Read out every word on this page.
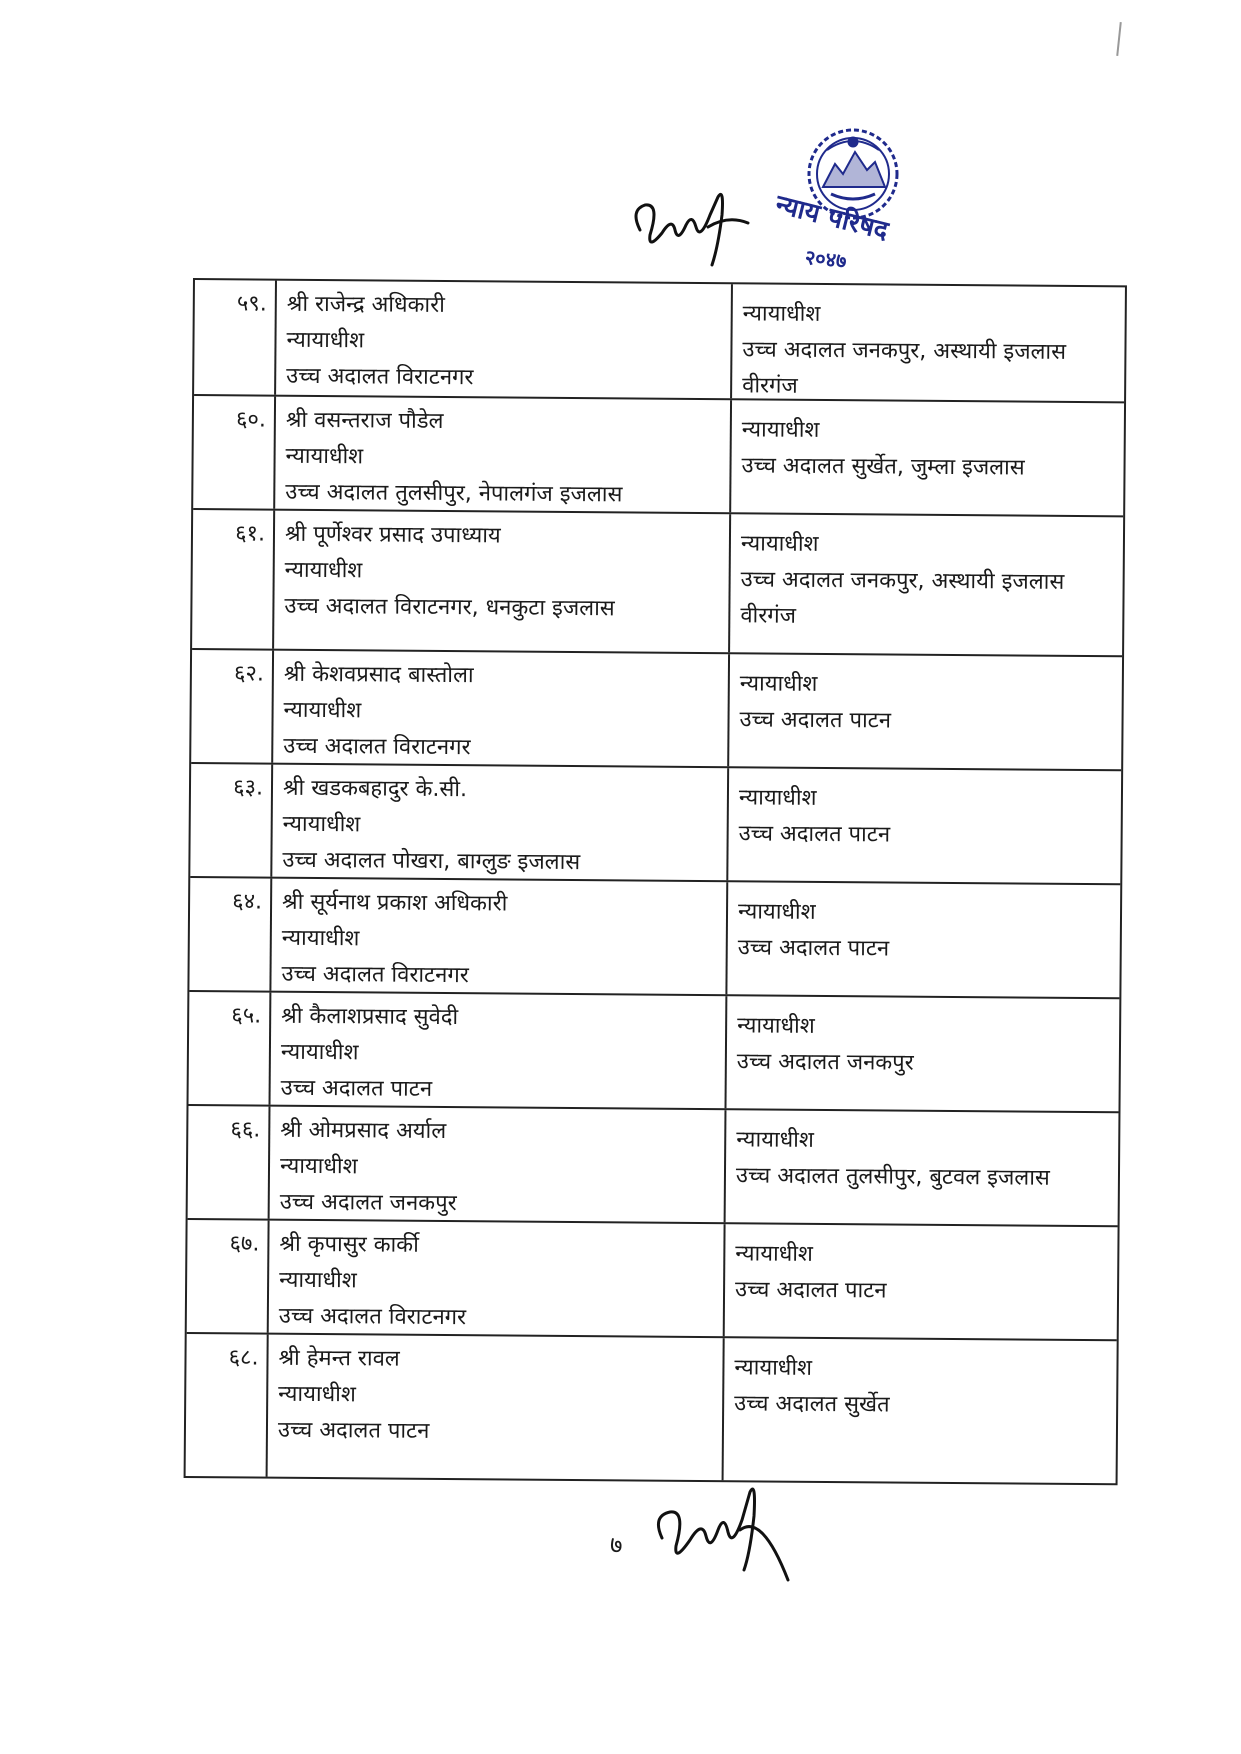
न्याय परिषद
२०४७
५९. श्री राजेन्द्र अधिकारी
न्यायाधीश
उच्च अदालत विराटनगर
न्यायाधीश
उच्च अदालत जनकपुर, अस्थायी इजलास वीरगंज
६०. श्री वसन्तराज पौडेल
न्यायाधीश
उच्च अदालत तुलसीपुर, नेपालगंज इजलास
न्यायाधीश
उच्च अदालत सुर्खेत, जुम्ला इजलास
६१. श्री पूर्णेश्वर प्रसाद उपाध्याय
न्यायाधीश
उच्च अदालत विराटनगर, धनकुटा इजलास
न्यायाधीश
उच्च अदालत जनकपुर, अस्थायी इजलास वीरगंज
६२. श्री केशवप्रसाद बास्तोला
न्यायाधीश
उच्च अदालत विराटनगर
न्यायाधीश
उच्च अदालत पाटन
६३. श्री खडकबहादुर के.सी.
न्यायाधीश
उच्च अदालत पोखरा, बाग्लुङ इजलास
न्यायाधीश
उच्च अदालत पाटन
६४. श्री सूर्यनाथ प्रकाश अधिकारी
न्यायाधीश
उच्च अदालत विराटनगर
न्यायाधीश
उच्च अदालत पाटन
६५. श्री कैलाशप्रसाद सुवेदी
न्यायाधीश
उच्च अदालत पाटन
न्यायाधीश
उच्च अदालत जनकपुर
६६. श्री ओमप्रसाद अर्याल
न्यायाधीश
उच्च अदालत जनकपुर
न्यायाधीश
उच्च अदालत तुलसीपुर, बुटवल इजलास
६७. श्री कृपासुर कार्की
न्यायाधीश
उच्च अदालत विराटनगर
न्यायाधीश
उच्च अदालत पाटन
६८. श्री हेमन्त रावल
न्यायाधीश
उच्च अदालत पाटन
न्यायाधीश
उच्च अदालत सुर्खेत
७
